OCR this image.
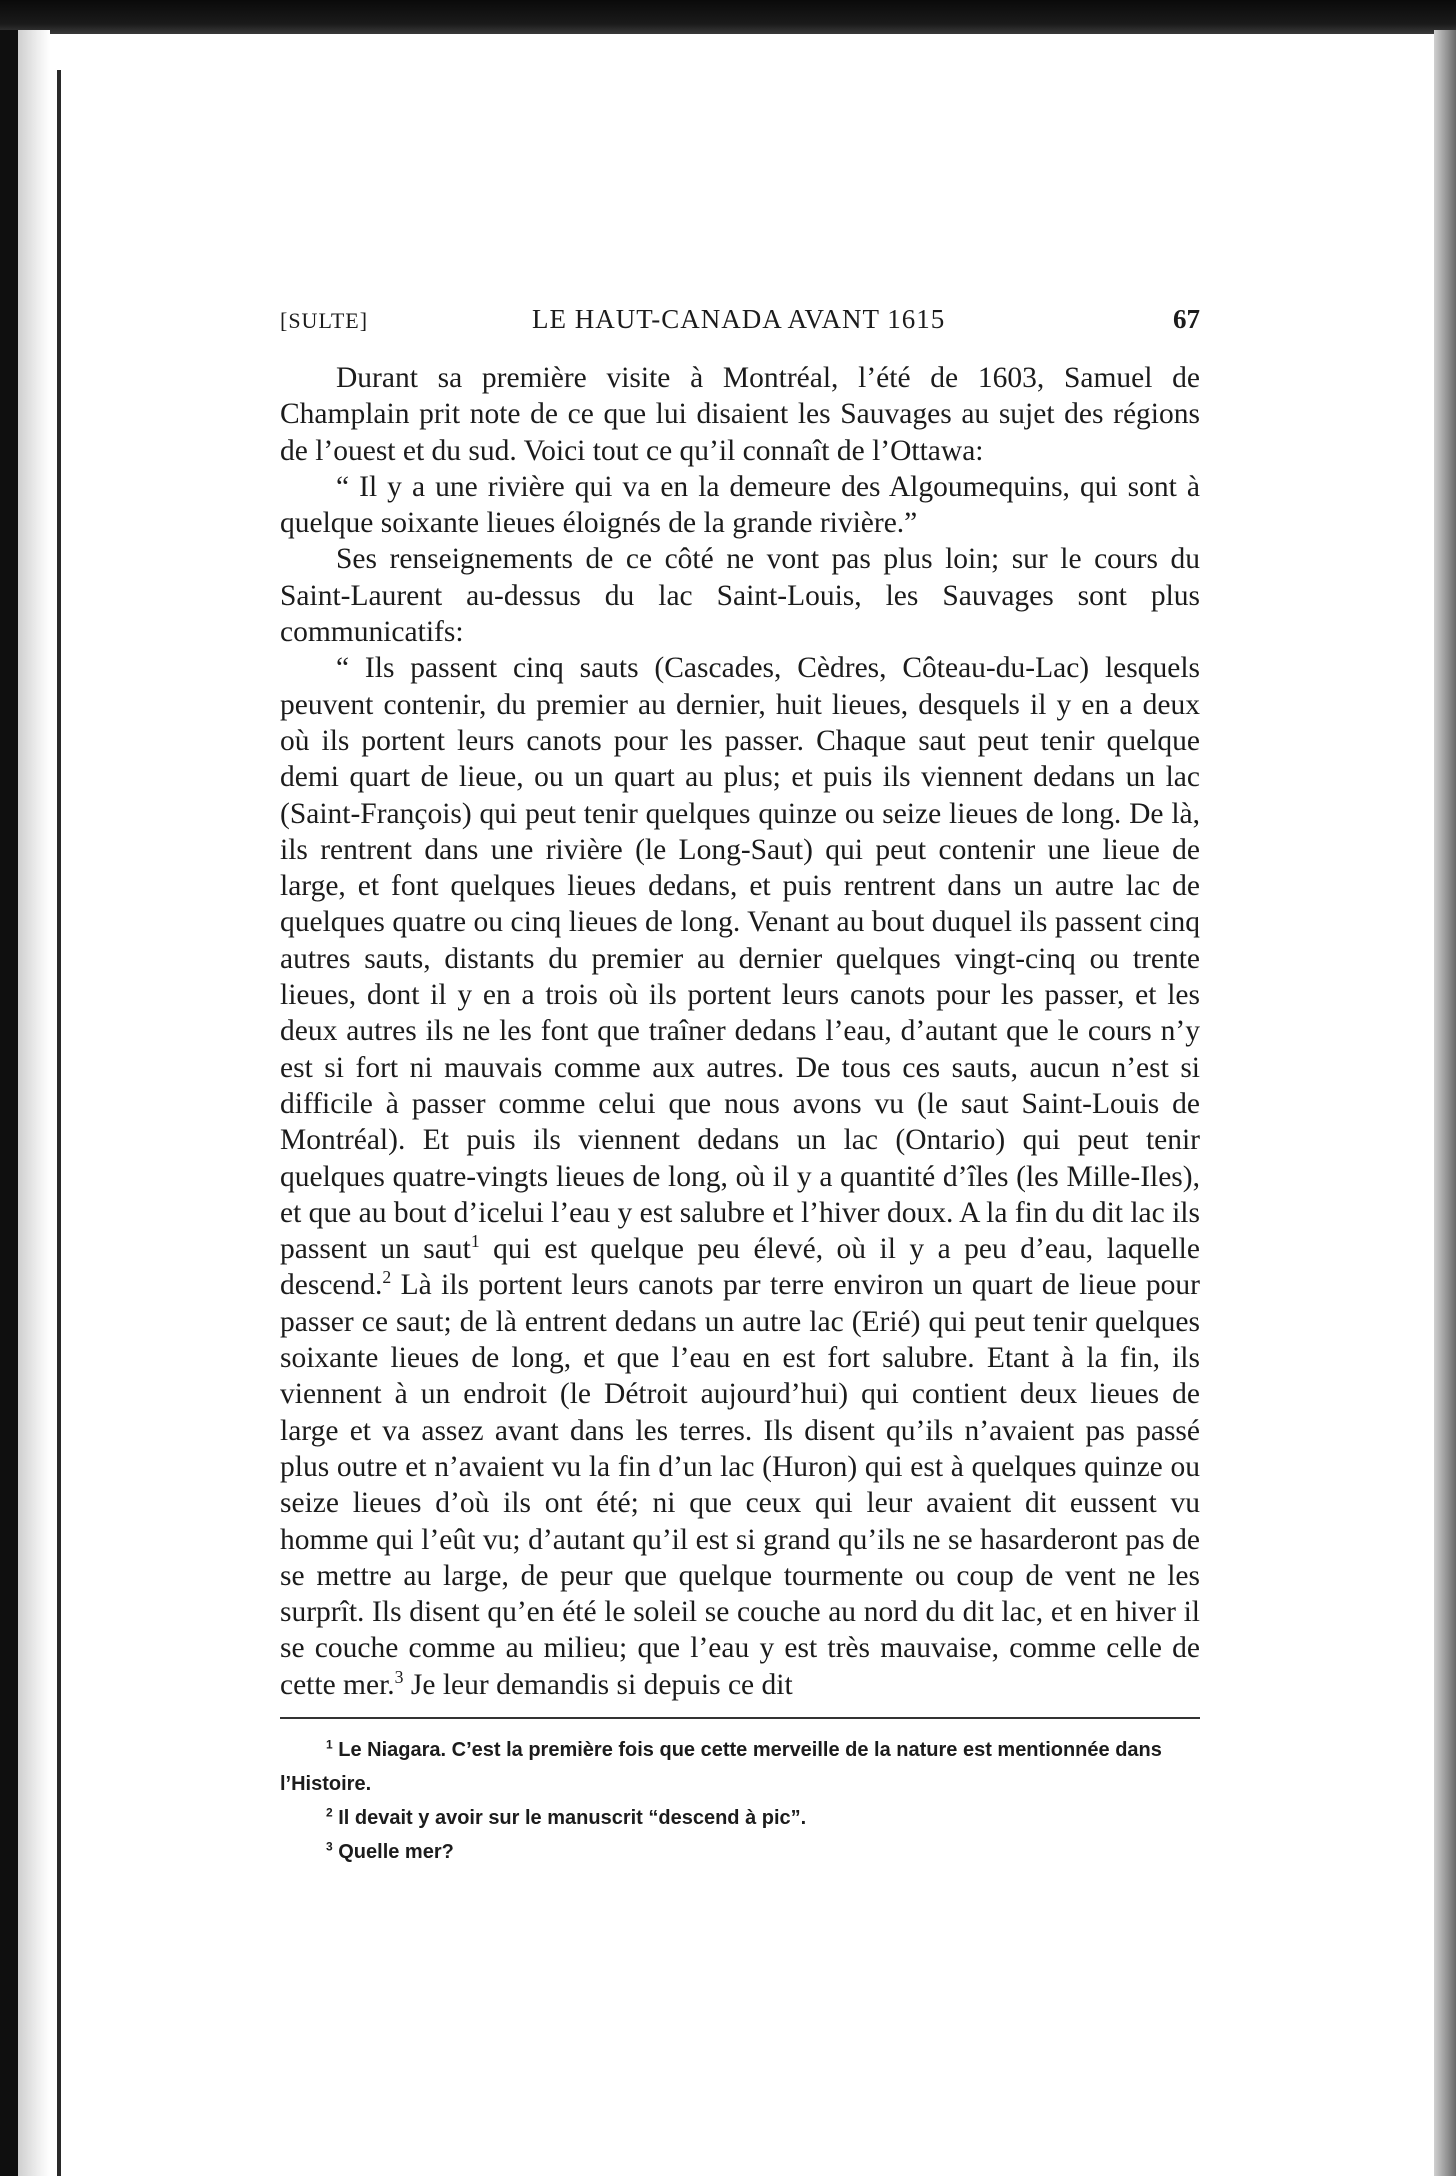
[SULTE]	LE HAUT-CANADA AVANT 1615	67

Durant sa première visite à Montréal, l’été de 1603, Samuel de Champlain prit note de ce que lui disaient les Sauvages au sujet des régions de l’ouest et du sud. Voici tout ce qu’il connaît de l’Ottawa:

“ Il y a une rivière qui va en la demeure des Algoumequins, qui sont à quelque soixante lieues éloignés de la grande rivière.”

Ses renseignements de ce côté ne vont pas plus loin; sur le cours du Saint-Laurent au-dessus du lac Saint-Louis, les Sauvages sont plus communicatifs:

“ Ils passent cinq sauts (Cascades, Cèdres, Côteau-du-Lac) lesquels peuvent contenir, du premier au dernier, huit lieues, desquels il y en a deux où ils portent leurs canots pour les passer. Chaque saut peut tenir quelque demi quart de lieue, ou un quart au plus; et puis ils viennent dedans un lac (Saint-François) qui peut tenir quelques quinze ou seize lieues de long. De là, ils rentrent dans une rivière (le Long-Saut) qui peut contenir une lieue de large, et font quelques lieues dedans, et puis rentrent dans un autre lac de quelques quatre ou cinq lieues de long. Venant au bout duquel ils passent cinq autres sauts, distants du premier au dernier quelques vingt-cinq ou trente lieues, dont il y en a trois où ils portent leurs canots pour les passer, et les deux autres ils ne les font que traîner dedans l’eau, d’autant que le cours n’y est si fort ni mauvais comme aux autres. De tous ces sauts, aucun n’est si difficile à passer comme celui que nous avons vu (le saut Saint-Louis de Montréal). Et puis ils viennent dedans un lac (Ontario) qui peut tenir quelques quatre-vingts lieues de long, où il y a quantité d’îles (les Mille-Iles), et que au bout d’icelui l’eau y est salubre et l’hiver doux. A la fin du dit lac ils passent un saut$^1$ qui est quelque peu élevé, où il y a peu d’eau, laquelle descend.$^2$ Là ils portent leurs canots par terre environ un quart de lieue pour passer ce saut; de là entrent dedans un autre lac (Erié) qui peut tenir quelques soixante lieues de long, et que l’eau en est fort salubre. Etant à la fin, ils viennent à un endroit (le Détroit aujourd’hui) qui contient deux lieues de large et va assez avant dans les terres. Ils disent qu’ils n’avaient pas passé plus outre et n’avaient vu la fin d’un lac (Huron) qui est à quelques quinze ou seize lieues d’où ils ont été; ni que ceux qui leur avaient dit eussent vu homme qui l’eût vu; d’autant qu’il est si grand qu’ils ne se hasarderont pas de se mettre au large, de peur que quelque tourmente ou coup de vent ne les surprît. Ils disent qu’en été le soleil se couche au nord du dit lac, et en hiver il se couche comme au milieu; que l’eau y est très mauvaise, comme celle de cette mer.$^3$ Je leur demandis si depuis ce dit

$^1$ Le Niagara. C’est la première fois que cette merveille de la nature est mentionnée dans l’Histoire.

$^2$ Il devait y avoir sur le manuscrit “descend à pic”.

$^3$ Quelle mer?
